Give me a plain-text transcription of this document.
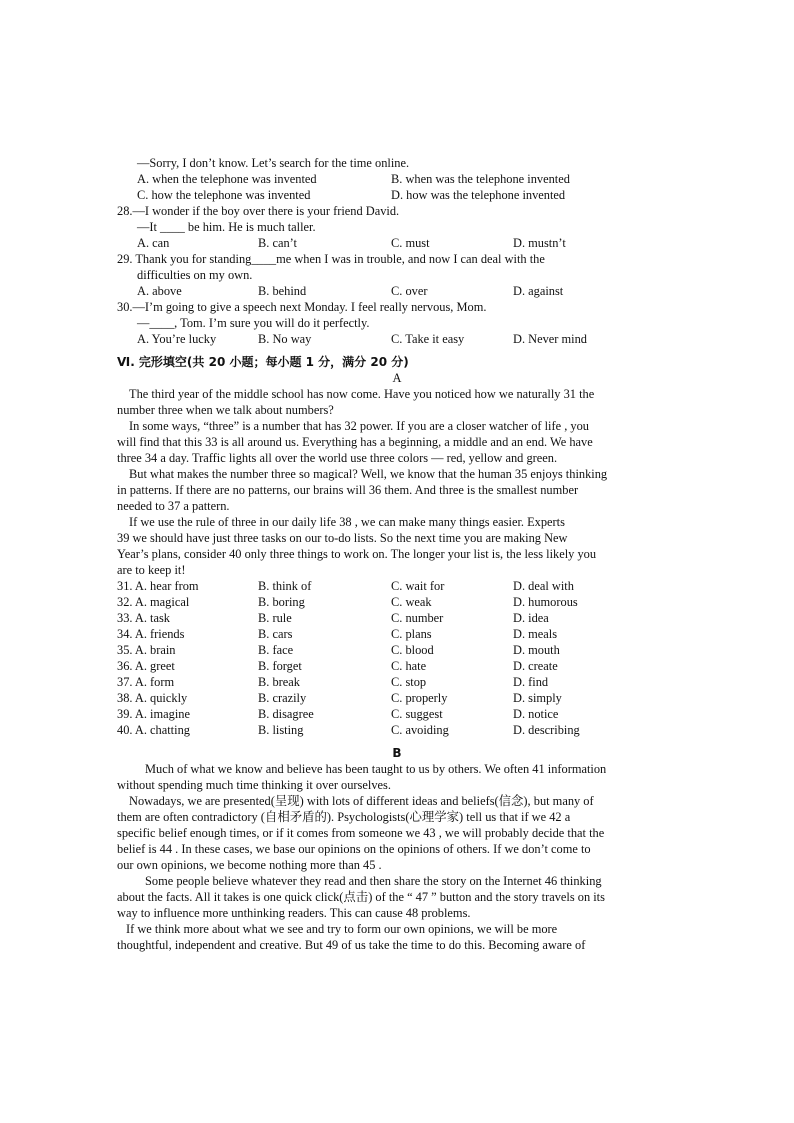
—Sorry, I don’t know. Let’s search for the time online.
A. when the telephone was invented	B. when was the telephone invented
C. how the telephone was invented	D. how was the telephone invented
28.—I wonder if the boy over there is your friend David.
—It ____ be him. He is much taller.
A. can	B. can’t	C. must	D. mustn’t
29. Thank you for standing____me when I was in trouble, and now I can deal with the
difficulties on my own.
A. above	B. behind	C. over	D. against
30.—I’m going to give a speech next Monday. I feel really nervous, Mom.
—____, Tom. I’m sure you will do it perfectly.
A. You’re lucky	B. No way	C. Take it easy	D. Never mind
Ⅵ. 完形填空(共 20 小题；每小题 1 分，满分 20 分)
A
The third year of the middle school has now come. Have you noticed how we naturally 31 the
number three when we talk about numbers?
In some ways, “three” is a number that has 32 power. If you are a closer watcher of life , you
will find that this 33 is all around us. Everything has a beginning, a middle and an end. We have
three 34 a day. Traffic lights all over the world use three colors — red, yellow and green.
But what makes the number three so magical? Well, we know that the human 35 enjoys thinking
in patterns. If there are no patterns, our brains will 36 them. And three is the smallest number
needed to 37 a pattern.
If we use the rule of three in our daily life 38 , we can make many things easier. Experts
39 we should have just three tasks on our to-do lists. So the next time you are making New
Year’s plans, consider 40 only three things to work on. The longer your list is, the less likely you
are to keep it!
31. A. hear from	B. think of	C. wait for	D. deal with
32. A. magical	B. boring	C. weak	D. humorous
33. A. task	B. rule	C. number	D. idea
34. A. friends	B. cars	C. plans	D. meals
35. A. brain	B. face	C. blood	D. mouth
36. A. greet	B. forget	C. hate	D. create
37. A. form	B. break	C. stop	D. find
38. A. quickly	B. crazily	C. properly	D. simply
39. A. imagine	B. disagree	C. suggest	D. notice
40. A. chatting	B. listing	C. avoiding	D. describing
B
Much of what we know and believe has been taught to us by others. We often 41 information
without spending much time thinking it over ourselves.
Nowadays, we are presented(呈现) with lots of different ideas and beliefs(信念), but many of
them are often contradictory (自相矛盾的). Psychologists(心理学家) tell us that if we 42 a
specific belief enough times, or if it comes from someone we 43 , we will probably decide that the
belief is 44 . In these cases, we base our opinions on the opinions of others. If we don’t come to
our own opinions, we become nothing more than 45 .
Some people believe whatever they read and then share the story on the Internet 46 thinking
about the facts. All it takes is one quick click(点击) of the “ 47 ” button and the story travels on its
way to influence more unthinking readers. This can cause 48 problems.
If we think more about what we see and try to form our own opinions, we will be more
thoughtful, independent and creative. But 49 of us take the time to do this. Becoming aware of
